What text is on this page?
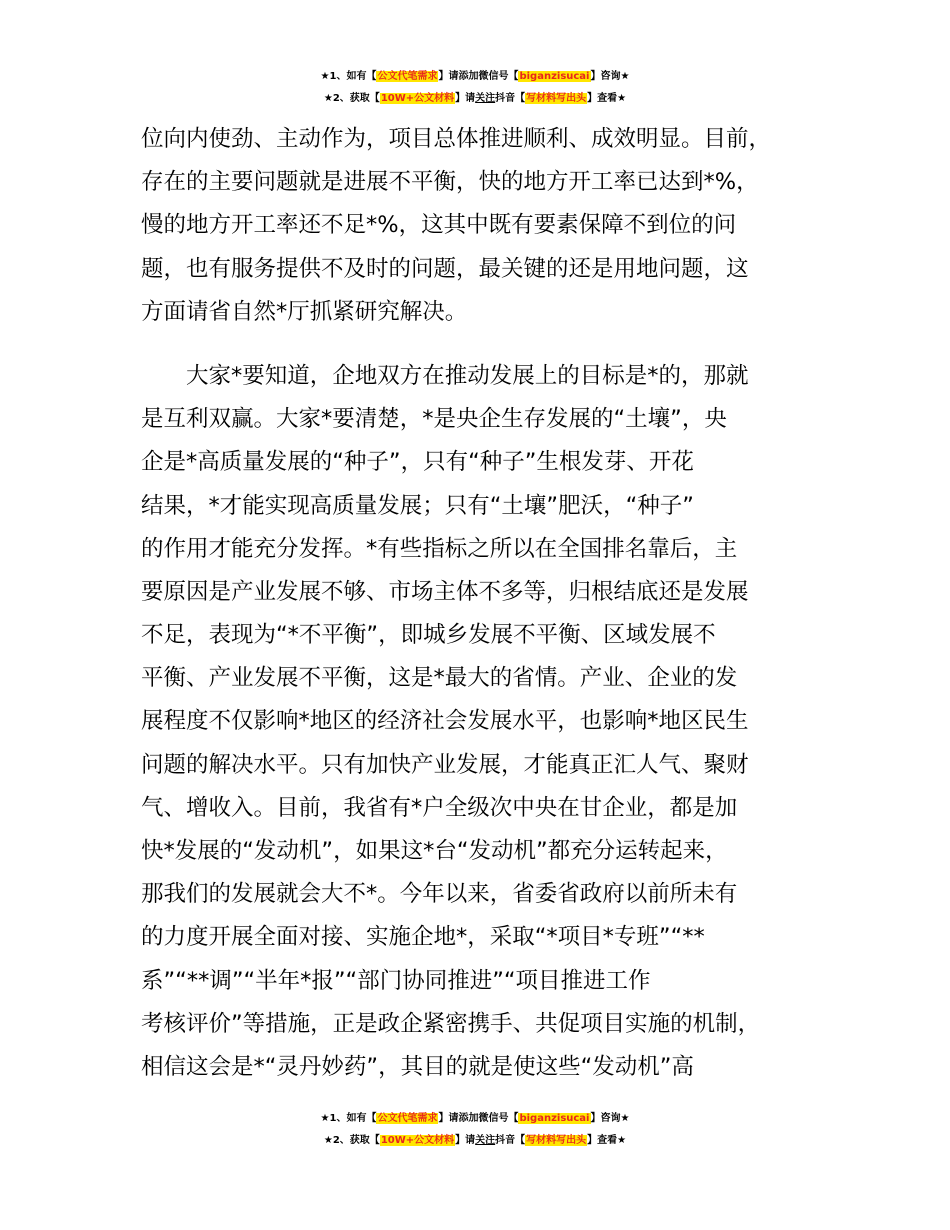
★1、如有【公文代笔需求】请添加微信号【biganzisucai】咨询★
★2、获取【10W+公文材料】请关注抖音【写材料写出头】查看★
位向内使劲、主动作为，项目总体推进顺利、成效明显。目前，
存在的主要问题就是进展不平衡，快的地方开工率已达到*%，
慢的地方开工率还不足*%，这其中既有要素保障不到位的问
题，也有服务提供不及时的问题，最关键的还是用地问题，这
方面请省自然*厅抓紧研究解决。
大家*要知道，企地双方在推动发展上的目标是*的，那就
是互利双赢。大家*要清楚，*是央企生存发展的“土壤”，央
企是*高质量发展的“种子”，只有“种子”生根发芽、开花
结果，*才能实现高质量发展；只有“土壤”肥沃，“种子”
的作用才能充分发挥。*有些指标之所以在全国排名靠后，主
要原因是产业发展不够、市场主体不多等，归根结底还是发展
不足，表现为“*不平衡”，即城乡发展不平衡、区域发展不
平衡、产业发展不平衡，这是*最大的省情。产业、企业的发
展程度不仅影响*地区的经济社会发展水平，也影响*地区民生
问题的解决水平。只有加快产业发展，才能真正汇人气、聚财
气、增收入。目前，我省有*户全级次中央在甘企业，都是加
快*发展的“发动机”，如果这*台“发动机”都充分运转起来，
那我们的发展就会大不*。今年以来，省委省政府以前所未有
的力度开展全面对接、实施企地*，采取“*项目*专班”“**
系”“**调”“半年*报”“部门协同推进”“项目推进工作
考核评价”等措施，正是政企紧密携手、共促项目实施的机制，
相信这会是*“灵丹妙药”，其目的就是使这些“发动机”高
★1、如有【公文代笔需求】请添加微信号【biganzisucai】咨询★
★2、获取【10W+公文材料】请关注抖音【写材料写出头】查看★
